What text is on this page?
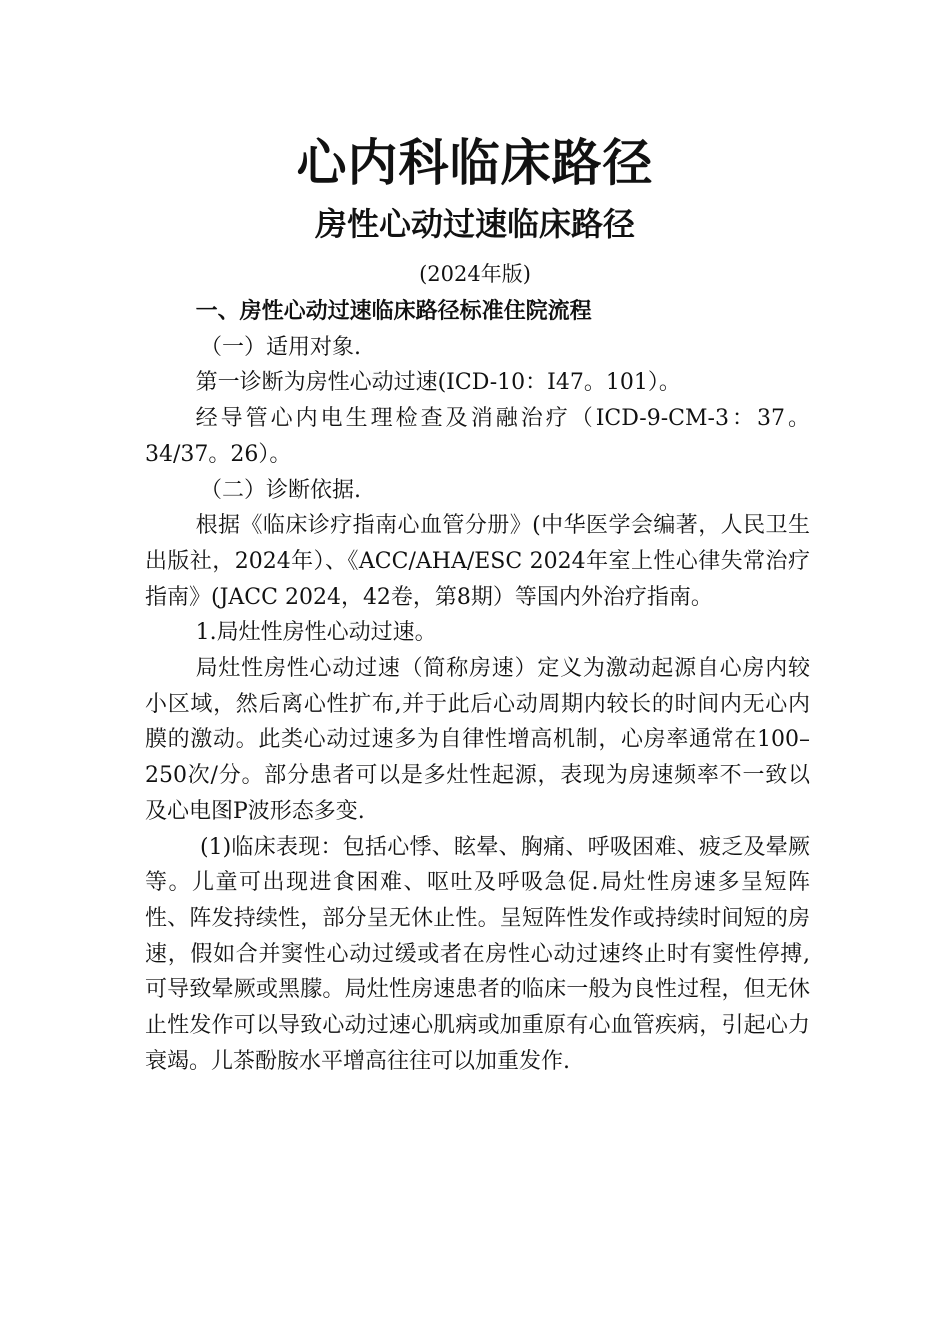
心内科临床路径
房性心动过速临床路径
(2024年版)

一、房性心动过速临床路径标准住院流程

（一）适用对象.

第一诊断为房性心动过速(ICD-10：I47。101）。

经导管心内电生理检查及消融治疗（ICD-9-CM-3：37。34/37。26）。

（二）诊断依据.

根据《临床诊疗指南心血管分册》(中华医学会编著，人民卫生出版社，2024年）、《ACC/AHA/ESC 2024年室上性心律失常治疗指南》(JACC 2024，42卷，第8期）等国内外治疗指南。

1.局灶性房性心动过速。

局灶性房性心动过速（简称房速）定义为激动起源自心房内较小区域，然后离心性扩布,并于此后心动周期内较长的时间内无心内膜的激动。此类心动过速多为自律性增高机制，心房率通常在100–250次/分。部分患者可以是多灶性起源，表现为房速频率不一致以及心电图P波形态多变.

(1)临床表现：包括心悸、眩晕、胸痛、呼吸困难、疲乏及晕厥等。儿童可出现进食困难、呕吐及呼吸急促.局灶性房速多呈短阵性、阵发持续性，部分呈无休止性。呈短阵性发作或持续时间短的房速，假如合并窦性心动过缓或者在房性心动过速终止时有窦性停搏,可导致晕厥或黑朦。局灶性房速患者的临床一般为良性过程，但无休止性发作可以导致心动过速心肌病或加重原有心血管疾病，引起心力衰竭。儿茶酚胺水平增高往往可以加重发作.
